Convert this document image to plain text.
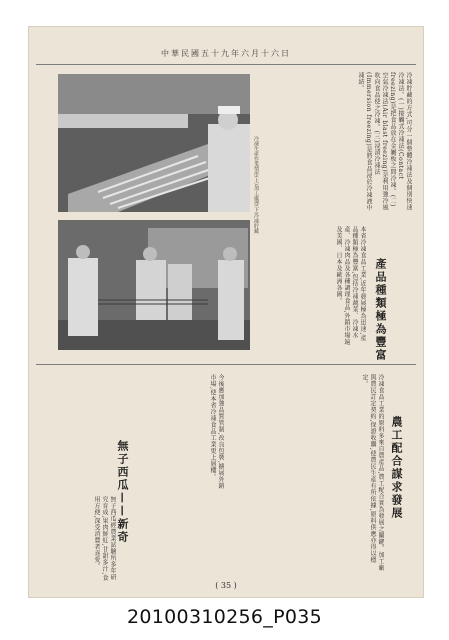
中華民國五十九年六月十六日
冷凍生產作業情形(上)加工處理(下)冷凍貯藏	冷凍貯藏的方式,可分一個整體冷凍法及個別快速冷凍法。(一)接觸式冷凍法(Contact freezing)是把食品放在金屬板之間冷凍。(二)空氣冷凍法(Air blast freezing)是利用強冷風吹向食品使之冷凍。(三)浸漬冷凍法(Immersion freezing)是將食品浸於冷凍液中凍結。
本省冷凍食品工業,近年發展極為迅速,產品種類極為豐富,包括冷凍蔬菜、冷凍水產、冷凍肉品及各種調理食品,外銷市場遍及美國、日本及歐洲各國。	產品種類極為豐富
農工配合謀求發展
冷凍食品工業的原料多來自農產品,農工配合實為發展之關鍵。加工廠與農民訂定契約,保證收購,使農民生產有所依據,原料供應亦得以穩定。
今後應加強品質管制,改良包裝,擴展外銷市場,使本省冷凍食品工業更上層樓。
無子西瓜——新奇
無子西瓜經農業試驗所多年研究育成,果肉鮮紅,甘甜多汁,食用方便,深受消費者喜愛。
( 35 )
20100310256_P035
